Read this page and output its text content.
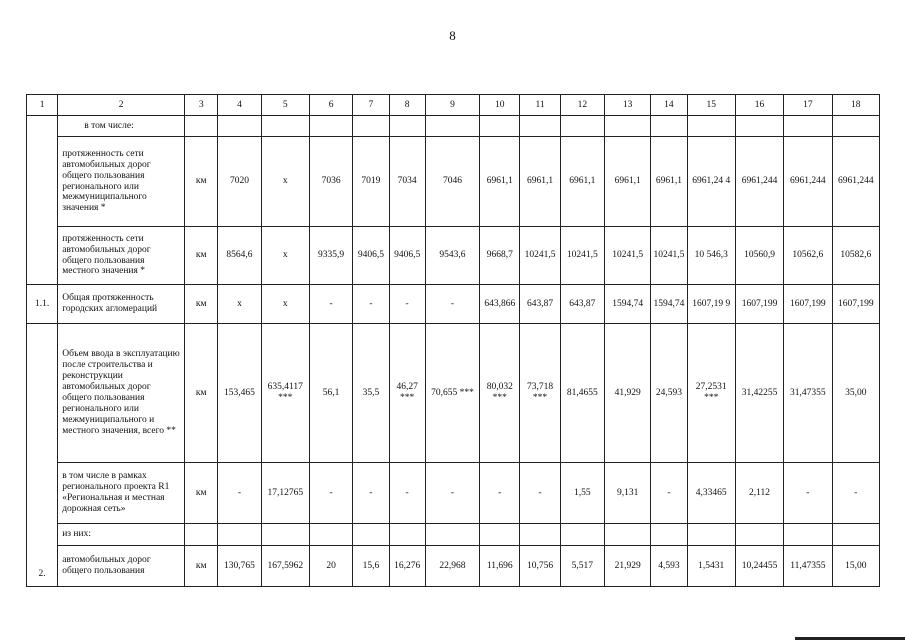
8
1	2	3	4	5	6	7	8	9	10	11	12	13	14	15	16	17	18
	в том числе:																
	протяженность сети автомобильных дорог общего пользования регионального или межмуниципального значения *	км	7020	х	7036	7019	7034	7046	6961,1	6961,1	6961,1	6961,1	6961,1	6961,24 4	6961,244	6961,244	6961,244
	протяженность сети автомобильных дорог общего пользования местного значения *	км	8564,6	х	9335,9	9406,5	9406,5	9543,6	9668,7	10241,5	10241,5	10241,5	10241,5	10 546,3	10560,9	10562,6	10582,6
1.1.	Общая протяженность городских агломераций	км	х	х	-	-	-	-	643,866	643,87	643,87	1594,74	1594,74	1607,19 9	1607,199	1607,199	1607,199
2.	Объем ввода в эксплуатацию после строительства и реконструкции автомобильных дорог общего пользования регионального или межмуниципального и местного значения, всего **	км	153,465	635,4117 ***	56,1	35,5	46,27 ***	70,655 ***	80,032 ***	73,718 ***	81,4655	41,929	24,593	27,2531 ***	31,42255	31,47355	35,00
	в том числе в рамках регионального проекта R1 «Региональная и местная дорожная сеть»	км	-	17,12765	-	-	-	-	-	-	1,55	9,131	-	4,33465	2,112	-	-
	из них:																
	автомобильных дорог общего пользования	км	130,765	167,5962	20	15,6	16,276	22,968	11,696	10,756	5,517	21,929	4,593	1,5431	10,24455	11,47355	15,00
